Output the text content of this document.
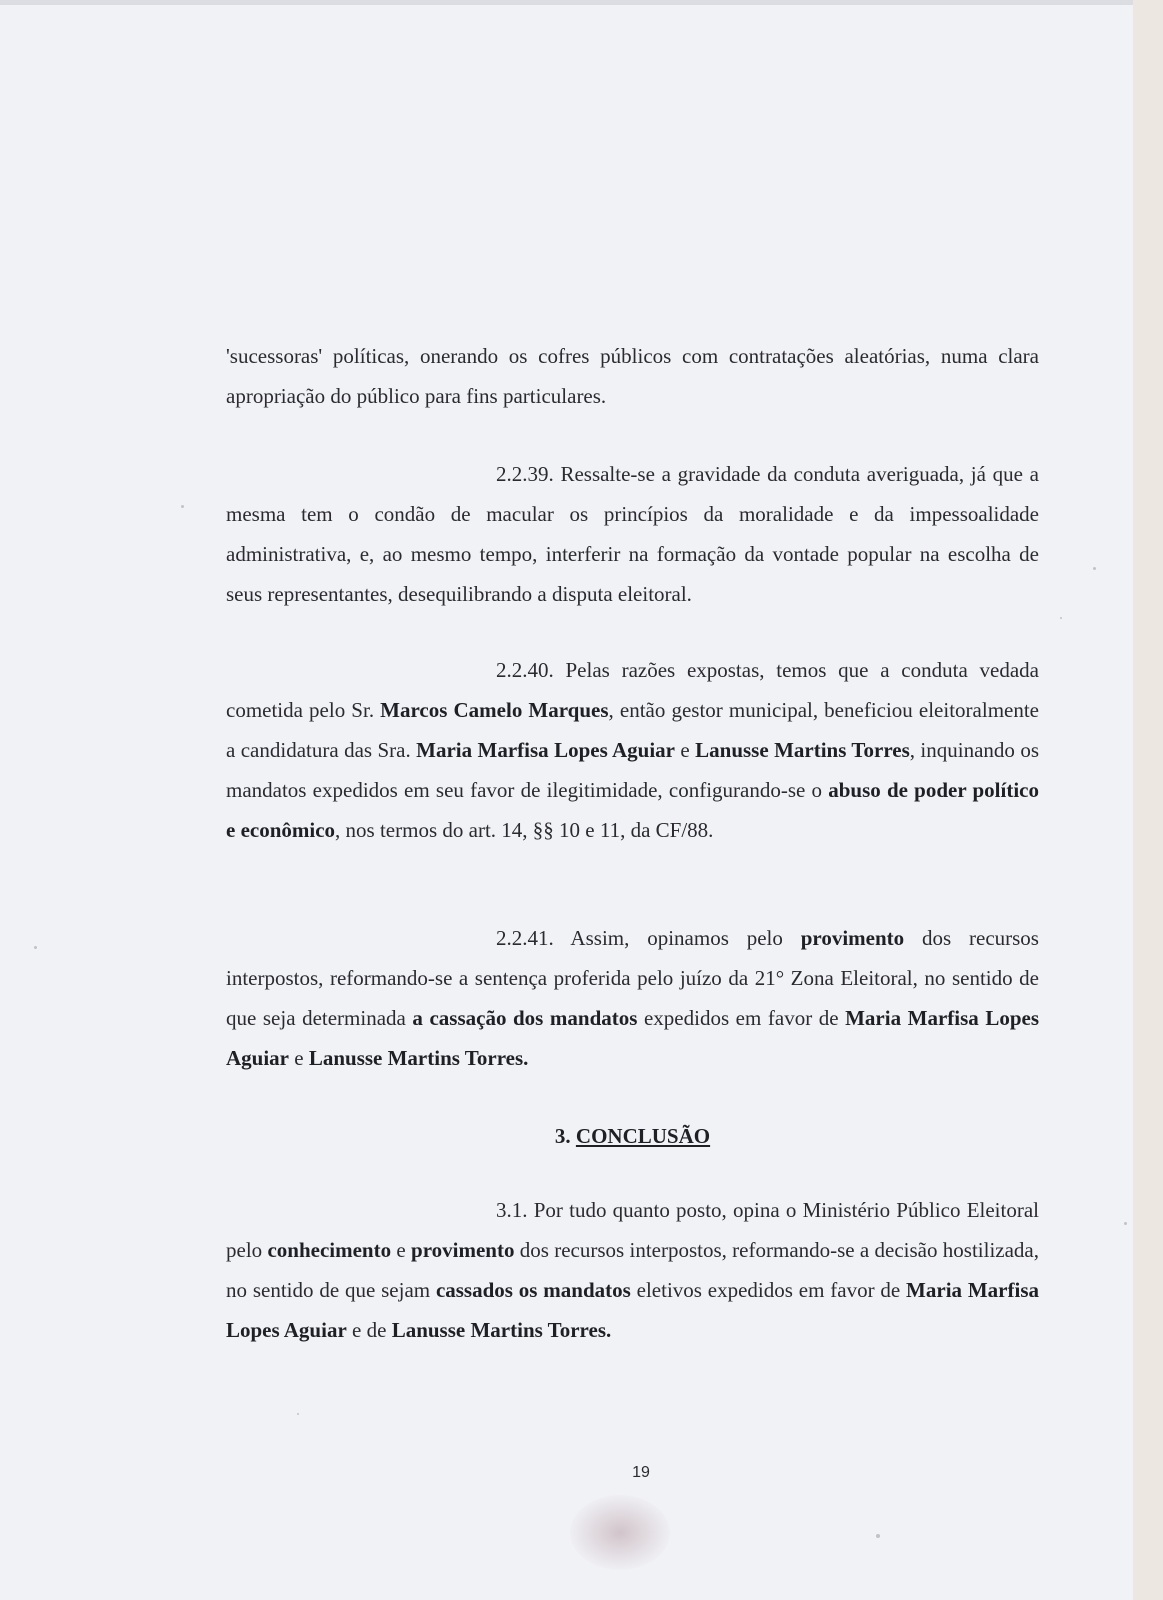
'sucessoras' políticas, onerando os cofres públicos com contratações aleatórias, numa clara apropriação do público para fins particulares.

2.2.39. Ressalte-se a gravidade da conduta averiguada, já que a mesma tem o condão de macular os princípios da moralidade e da impessoalidade administrativa, e, ao mesmo tempo, interferir na formação da vontade popular na escolha de seus representantes, desequilibrando a disputa eleitoral.

2.2.40. Pelas razões expostas, temos que a conduta vedada cometida pelo Sr. Marcos Camelo Marques, então gestor municipal, beneficiou eleitoralmente a candidatura das Sra. Maria Marfisa Lopes Aguiar e Lanusse Martins Torres, inquinando os mandatos expedidos em seu favor de ilegitimidade, configurando-se o abuso de poder político e econômico, nos termos do art. 14, §§ 10 e 11, da CF/88.

2.2.41. Assim, opinamos pelo provimento dos recursos interpostos, reformando-se a sentença proferida pelo juízo da 21° Zona Eleitoral, no sentido de que seja determinada a cassação dos mandatos expedidos em favor de Maria Marfisa Lopes Aguiar e Lanusse Martins Torres.

3. CONCLUSÃO

3.1. Por tudo quanto posto, opina o Ministério Público Eleitoral pelo conhecimento e provimento dos recursos interpostos, reformando-se a decisão hostilizada, no sentido de que sejam cassados os mandatos eletivos expedidos em favor de Maria Marfisa Lopes Aguiar e de Lanusse Martins Torres.

19
